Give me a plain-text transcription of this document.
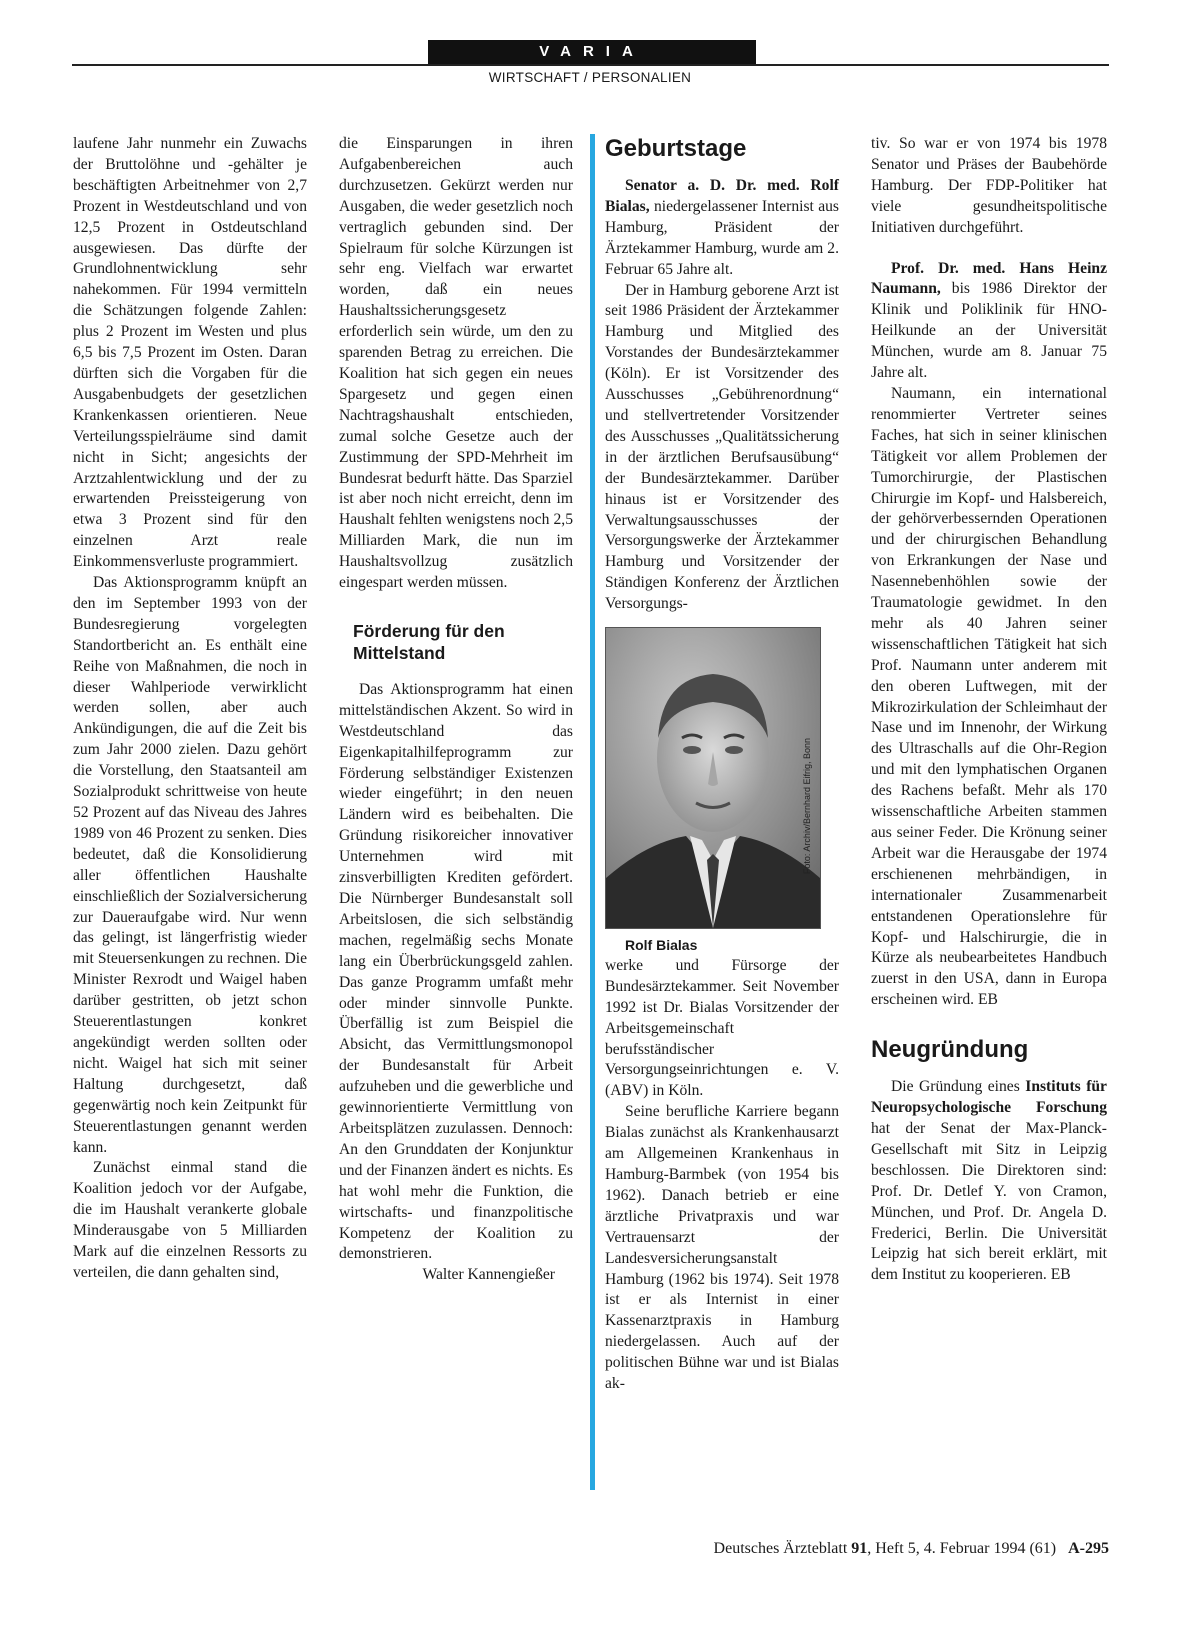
VARIA
WIRTSCHAFT / PERSONALIEN

laufene Jahr nunmehr ein Zuwachs der Bruttolöhne und -gehälter je beschäftigten Arbeitnehmer von 2,7 Prozent in Westdeutschland und von 12,5 Prozent in Ostdeutschland ausgewiesen. Das dürfte der Grundlohnentwicklung sehr nahekommen. Für 1994 vermitteln die Schätzungen folgende Zahlen: plus 2 Prozent im Westen und plus 6,5 bis 7,5 Prozent im Osten. Daran dürften sich die Vorgaben für die Ausgabenbudgets der gesetzlichen Krankenkassen orientieren. Neue Verteilungsspielräume sind damit nicht in Sicht; angesichts der Arztzahlentwicklung und der zu erwartenden Preissteigerung von etwa 3 Prozent sind für den einzelnen Arzt reale Einkommensverluste programmiert.

Das Aktionsprogramm knüpft an den im September 1993 von der Bundesregierung vorgelegten Standortbericht an. Es enthält eine Reihe von Maßnahmen, die noch in dieser Wahlperiode verwirklicht werden sollen, aber auch Ankündigungen, die auf die Zeit bis zum Jahr 2000 zielen. Dazu gehört die Vorstellung, den Staatsanteil am Sozialprodukt schrittweise von heute 52 Prozent auf das Niveau des Jahres 1989 von 46 Prozent zu senken. Dies bedeutet, daß die Konsolidierung aller öffentlichen Haushalte einschließlich der Sozialversicherung zur Daueraufgabe wird. Nur wenn das gelingt, ist längerfristig wieder mit Steuersenkungen zu rechnen. Die Minister Rexrodt und Waigel haben darüber gestritten, ob jetzt schon Steuerentlastungen konkret angekündigt werden sollten oder nicht. Waigel hat sich mit seiner Haltung durchgesetzt, daß gegenwärtig noch kein Zeitpunkt für Steuerentlastungen genannt werden kann.

Zunächst einmal stand die Koalition jedoch vor der Aufgabe, die im Haushalt verankerte globale Minderausgabe von 5 Milliarden Mark auf die einzelnen Ressorts zu verteilen, die dann gehalten sind,

die Einsparungen in ihren Aufgabenbereichen auch durchzusetzen. Gekürzt werden nur Ausgaben, die weder gesetzlich noch vertraglich gebunden sind. Der Spielraum für solche Kürzungen ist sehr eng. Vielfach war erwartet worden, daß ein neues Haushaltssicherungsgesetz erforderlich sein würde, um den zu sparenden Betrag zu erreichen. Die Koalition hat sich gegen ein neues Spargesetz und gegen einen Nachtragshaushalt entschieden, zumal solche Gesetze auch der Zustimmung der SPD-Mehrheit im Bundesrat bedurft hätte. Das Sparziel ist aber noch nicht erreicht, denn im Haushalt fehlten wenigstens noch 2,5 Milliarden Mark, die nun im Haushaltsvollzug zusätzlich eingespart werden müssen.

Förderung für den Mittelstand

Das Aktionsprogramm hat einen mittelständischen Akzent. So wird in Westdeutschland das Eigenkapitalhilfeprogramm zur Förderung selbständiger Existenzen wieder eingeführt; in den neuen Ländern wird es beibehalten. Die Gründung risikoreicher innovativer Unternehmen wird mit zinsverbilligten Krediten gefördert. Die Nürnberger Bundesanstalt soll Arbeitslosen, die sich selbständig machen, regelmäßig sechs Monate lang ein Überbrückungsgeld zahlen. Das ganze Programm umfaßt mehr oder minder sinnvolle Punkte. Überfällig ist zum Beispiel die Absicht, das Vermittlungsmonopol der Bundesanstalt für Arbeit aufzuheben und die gewerbliche und gewinnorientierte Vermittlung von Arbeitsplätzen zuzulassen. Dennoch: An den Grunddaten der Konjunktur und der Finanzen ändert es nichts. Es hat wohl mehr die Funktion, die wirtschafts- und finanzpolitische Kompetenz der Koalition zu demonstrieren.

Walter Kannengießer

Geburtstage

Senator a. D. Dr. med. Rolf Bialas, niedergelassener Internist aus Hamburg, Präsident der Ärztekammer Hamburg, wurde am 2. Februar 65 Jahre alt.

Der in Hamburg geborene Arzt ist seit 1986 Präsident der Ärztekammer Hamburg und Mitglied des Vorstandes der Bundesärztekammer (Köln). Er ist Vorsitzender des Ausschusses „Gebührenordnung“ und stellvertretender Vorsitzender des Ausschusses „Qualitätssicherung in der ärztlichen Berufsausübung“ der Bundesärztekammer. Darüber hinaus ist er Vorsitzender des Verwaltungsausschusses der Versorgungswerke der Ärztekammer Hamburg und Vorsitzender der Ständigen Konferenz der Ärztlichen Versorgungs-

Foto: Archiv/Bernhard Eifrig, Bonn

Rolf Bialas

werke und Fürsorge der Bundesärztekammer. Seit November 1992 ist Dr. Bialas Vorsitzender der Arbeitsgemeinschaft berufsständischer Versorgungseinrichtungen e. V. (ABV) in Köln.

Seine berufliche Karriere begann Bialas zunächst als Krankenhausarzt am Allgemeinen Krankenhaus in Hamburg-Barmbek (von 1954 bis 1962). Danach betrieb er eine ärztliche Privatpraxis und war Vertrauensarzt der Landesversicherungsanstalt Hamburg (1962 bis 1974). Seit 1978 ist er als Internist in einer Kassenarztpraxis in Hamburg niedergelassen. Auch auf der politischen Bühne war und ist Bialas ak-

tiv. So war er von 1974 bis 1978 Senator und Präses der Baubehörde Hamburg. Der FDP-Politiker hat viele gesundheitspolitische Initiativen durchgeführt.

Prof. Dr. med. Hans Heinz Naumann, bis 1986 Direktor der Klinik und Poliklinik für HNO-Heilkunde an der Universität München, wurde am 8. Januar 75 Jahre alt.

Naumann, ein international renommierter Vertreter seines Faches, hat sich in seiner klinischen Tätigkeit vor allem Problemen der Tumorchirurgie, der Plastischen Chirurgie im Kopf- und Halsbereich, der gehörverbessernden Operationen und der chirurgischen Behandlung von Erkrankungen der Nase und Nasennebenhöhlen sowie der Traumatologie gewidmet. In den mehr als 40 Jahren seiner wissenschaftlichen Tätigkeit hat sich Prof. Naumann unter anderem mit den oberen Luftwegen, mit der Mikrozirkulation der Schleimhaut der Nase und im Innenohr, der Wirkung des Ultraschalls auf die Ohr-Region und mit den lymphatischen Organen des Rachens befaßt. Mehr als 170 wissenschaftliche Arbeiten stammen aus seiner Feder. Die Krönung seiner Arbeit war die Herausgabe der 1974 erschienenen mehrbändigen, in internationaler Zusammenarbeit entstandenen Operationslehre für Kopf- und Halschirurgie, die in Kürze als neubearbeitetes Handbuch zuerst in den USA, dann in Europa erscheinen wird. EB

Neugründung

Die Gründung eines Instituts für Neuropsychologische Forschung hat der Senat der Max-Planck-Gesellschaft mit Sitz in Leipzig beschlossen. Die Direktoren sind: Prof. Dr. Detlef Y. von Cramon, München, und Prof. Dr. Angela D. Frederici, Berlin. Die Universität Leipzig hat sich bereit erklärt, mit dem Institut zu kooperieren. EB

Deutsches Ärzteblatt 91, Heft 5, 4. Februar 1994 (61) A-295
